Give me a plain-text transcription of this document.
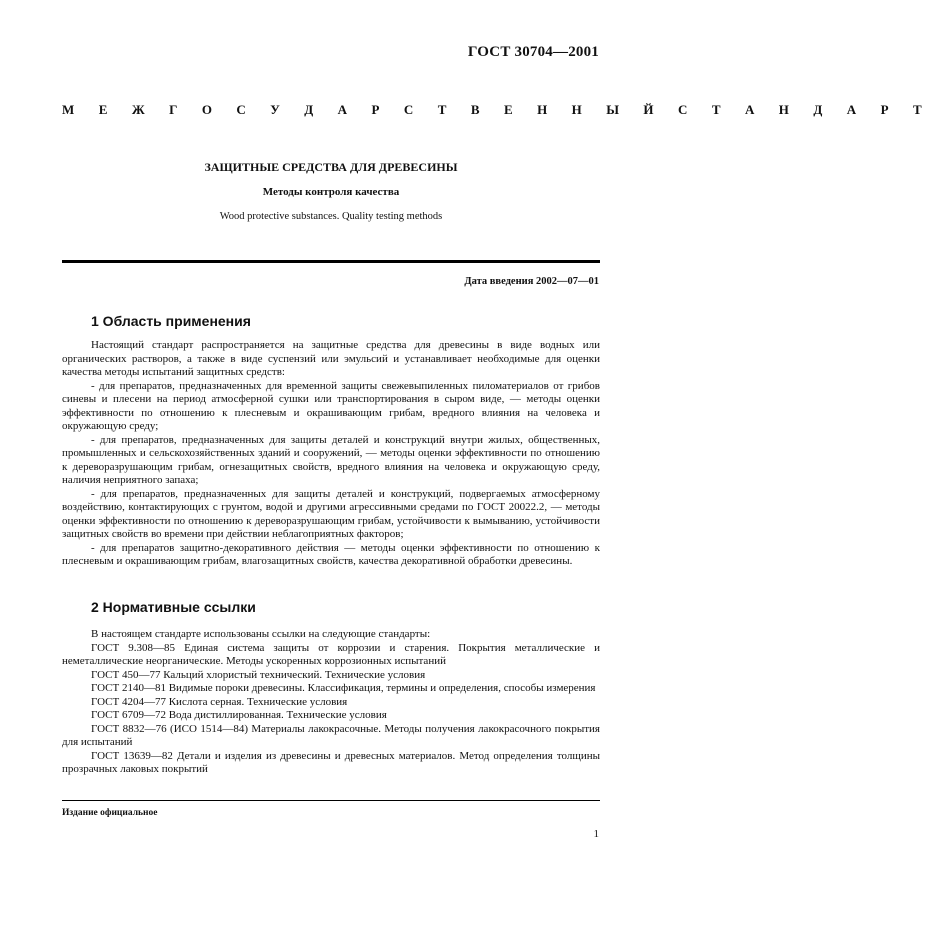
ГОСТ 30704—2001
М Е Ж Г О С У Д А Р С Т В Е Н Н Ы Й С Т А Н Д А Р Т
ЗАЩИТНЫЕ СРЕДСТВА ДЛЯ ДРЕВЕСИНЫ
Методы контроля качества
Wood protective substances. Quality testing methods
Дата введения 2002—07—01
1 Область применения

Настоящий стандарт распространяется на защитные средства для древесины в виде водных или органических растворов, а также в виде суспензий или эмульсий и устанавливает необходимые для оценки качества методы испытаний защитных средств:

- для препаратов, предназначенных для временной защиты свежевыпиленных пиломатериалов от грибов синевы и плесени на период атмосферной сушки или транспортирования в сыром виде, — методы оценки эффективности по отношению к плесневым и окрашивающим грибам, вредного влияния на человека и окружающую среду;

- для препаратов, предназначенных для защиты деталей и конструкций внутри жилых, общественных, промышленных и сельскохозяйственных зданий и сооружений, — методы оценки эффективности по отношению к дереворазрушающим грибам, огнезащитных свойств, вредного влияния на человека и окружающую среду, наличия неприятного запаха;

- для препаратов, предназначенных для защиты деталей и конструкций, подвергаемых атмосферному воздействию, контактирующих с грунтом, водой и другими агрессивными средами по ГОСТ 20022.2, — методы оценки эффективности по отношению к дереворазрушающим грибам, устойчивости к вымыванию, устойчивости защитных свойств во времени при действии неблагоприятных факторов;

- для препаратов защитно-декоративного действия — методы оценки эффективности по отношению к плесневым и окрашивающим грибам, влагозащитных свойств, качества декоративной обработки древесины.

2 Нормативные ссылки

В настоящем стандарте использованы ссылки на следующие стандарты:

ГОСТ 9.308—85 Единая система защиты от коррозии и старения. Покрытия металлические и неметаллические неорганические. Методы ускоренных коррозионных испытаний

ГОСТ 450—77 Кальций хлористый технический. Технические условия

ГОСТ 2140—81 Видимые пороки древесины. Классификация, термины и определения, способы измерения

ГОСТ 4204—77 Кислота серная. Технические условия

ГОСТ 6709—72 Вода дистиллированная. Технические условия

ГОСТ 8832—76 (ИСО 1514—84) Материалы лакокрасочные. Методы получения лакокрасочного покрытия для испытаний

ГОСТ 13639—82 Детали и изделия из древесины и древесных материалов. Метод определения толщины прозрачных лаковых покрытий

Издание официальное
1
